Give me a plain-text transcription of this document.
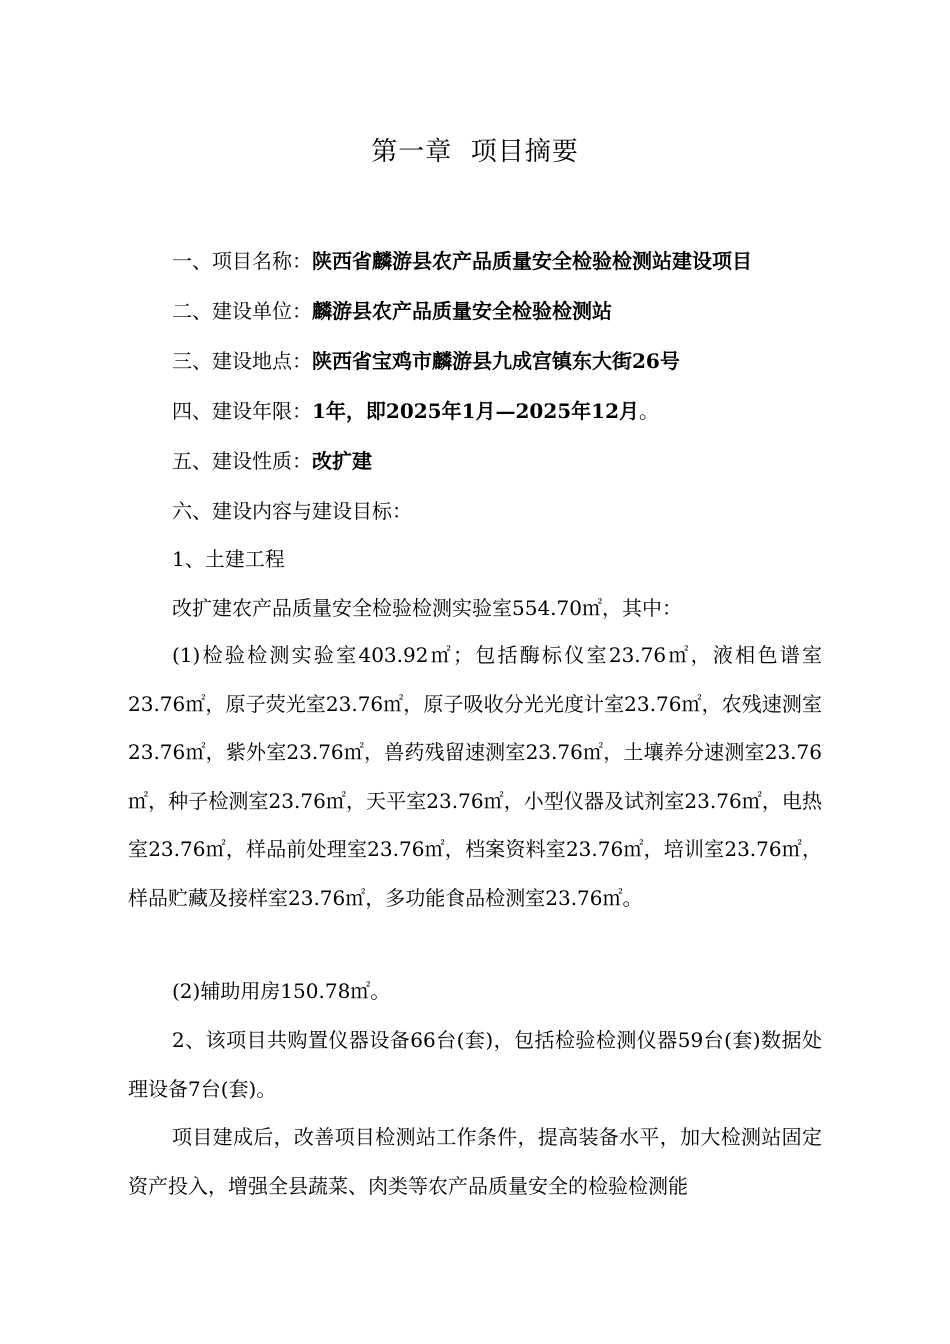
第一章  项目摘要
一、项目名称：陕西省麟游县农产品质量安全检验检测站建设项目
二、建设单位：麟游县农产品质量安全检验检测站
三、建设地点：陕西省宝鸡市麟游县九成宫镇东大街26号
四、建设年限：1年，即2025年1月—2025年12月。
五、建设性质：改扩建
六、建设内容与建设目标：
1、土建工程
改扩建农产品质量安全检验检测实验室554.70㎡，其中：
(1)检验检测实验室403.92㎡；包括酶标仪室23.76㎡，液相色谱室23.76㎡，原子荧光室23.76㎡，原子吸收分光光度计室23.76㎡，农残速测室23.76㎡，紫外室23.76㎡，兽药残留速测室23.76㎡，土壤养分速测室23.76㎡，种子检测室23.76㎡，天平室23.76㎡，小型仪器及试剂室23.76㎡，电热室23.76㎡，样品前处理室23.76㎡，档案资料室23.76㎡，培训室23.76㎡，样品贮藏及接样室23.76㎡，多功能食品检测室23.76㎡。
(2)辅助用房150.78㎡。
2、该项目共购置仪器设备66台(套)，包括检验检测仪器59台(套)数据处理设备7台(套)。
项目建成后，改善项目检测站工作条件，提高装备水平，加大检测站固定资产投入，增强全县蔬菜、肉类等农产品质量安全的检验检测能
